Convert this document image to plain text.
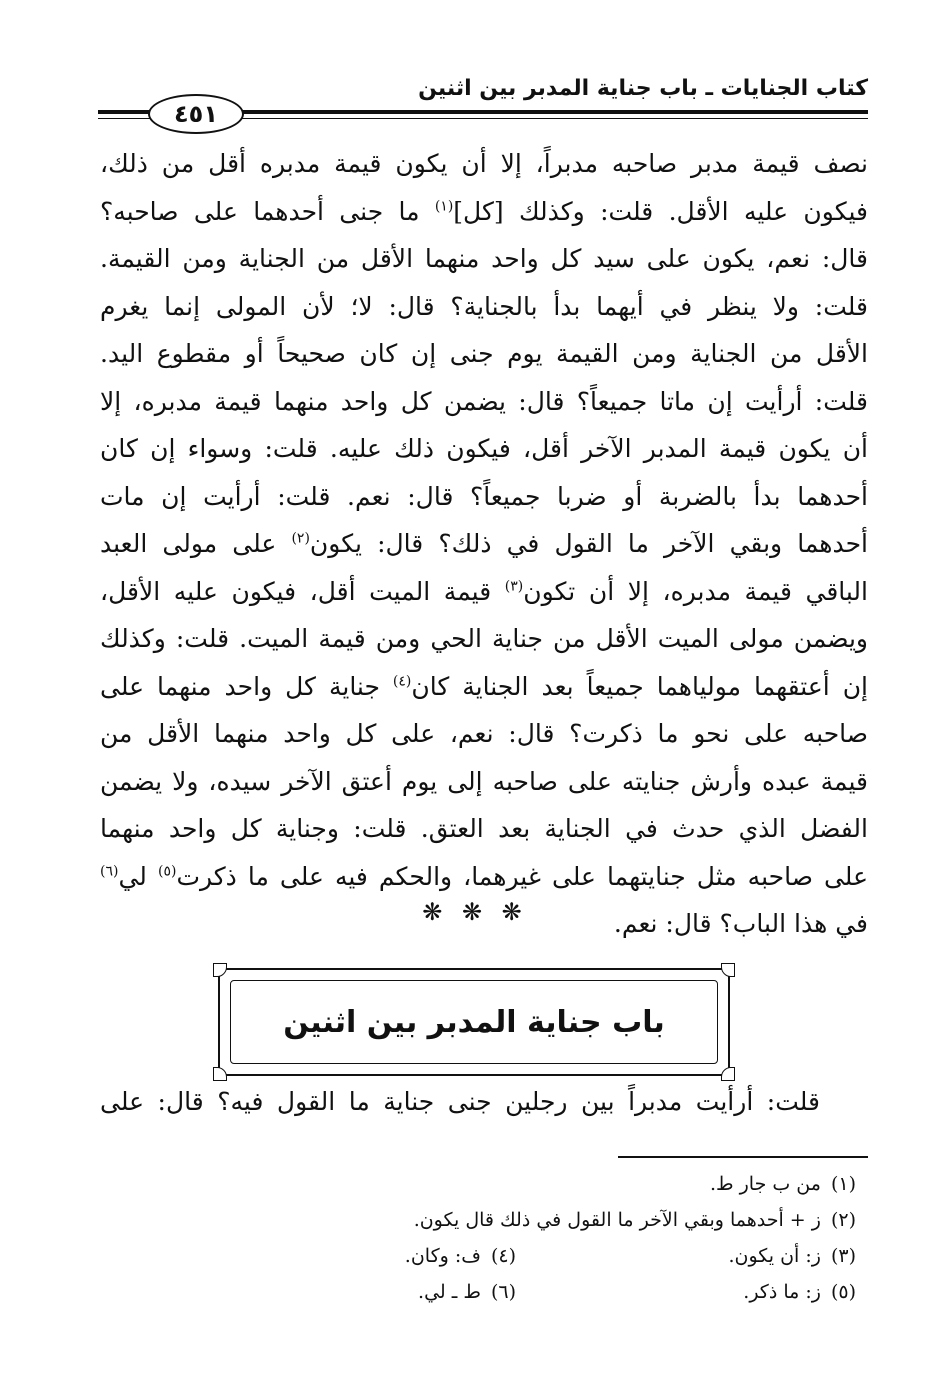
كتاب الجنايات ـ باب جناية المدبر بين اثنين
٤٥١
نصف قيمة مدبر صاحبه مدبراً، إلا أن يكون قيمة مدبره أقل من ذلك،
فيكون عليه الأقل. قلت: وكذلك [كل]$^{(١)}$ ما جنى أحدهما على صاحبه؟
قال: نعم، يكون على سيد كل واحد منهما الأقل من الجناية ومن القيمة.
قلت: ولا ينظر في أيهما بدأ بالجناية؟ قال: لا؛ لأن المولى إنما يغرم
الأقل من الجناية ومن القيمة يوم جنى إن كان صحيحاً أو مقطوع اليد.
قلت: أرأيت إن ماتا جميعاً؟ قال: يضمن كل واحد منهما قيمة مدبره، إلا
أن يكون قيمة المدبر الآخر أقل، فيكون ذلك عليه. قلت: وسواء إن كان
أحدهما بدأ بالضربة أو ضربا جميعاً؟ قال: نعم. قلت: أرأيت إن مات
أحدهما وبقي الآخر ما القول في ذلك؟ قال: يكون$^{(٢)}$ على مولى العبد
الباقي قيمة مدبره، إلا أن تكون$^{(٣)}$ قيمة الميت أقل، فيكون عليه الأقل،
ويضمن مولى الميت الأقل من جناية الحي ومن قيمة الميت. قلت: وكذلك
إن أعتقهما مولياهما جميعاً بعد الجناية كان$^{(٤)}$ جناية كل واحد منهما على
صاحبه على نحو ما ذكرت؟ قال: نعم، على كل واحد منهما الأقل من
قيمة عبده وأرش جنايته على صاحبه إلى يوم أعتق الآخر سيده، ولا يضمن
الفضل الذي حدث في الجناية بعد العتق. قلت: وجناية كل واحد منهما
على صاحبه مثل جنايتهما على غيرهما، والحكم فيه على ما ذكرت$^{(٥)}$ لي$^{(٦)}$
في هذا الباب؟ قال: نعم.
❋ ❋ ❋
باب جناية المدبر بين اثنين
قلت: أرأيت مدبراً بين رجلين جنى جناية ما القول فيه؟ قال: على
(١)من ب جار ط.
(٢)ز + أحدهما وبقي الآخر ما القول في ذلك قال يكون.
(٣)ز: أن يكون.
(٤)ف: وكان.
(٥)ز: ما ذكر.
(٦)ط ـ لي.
